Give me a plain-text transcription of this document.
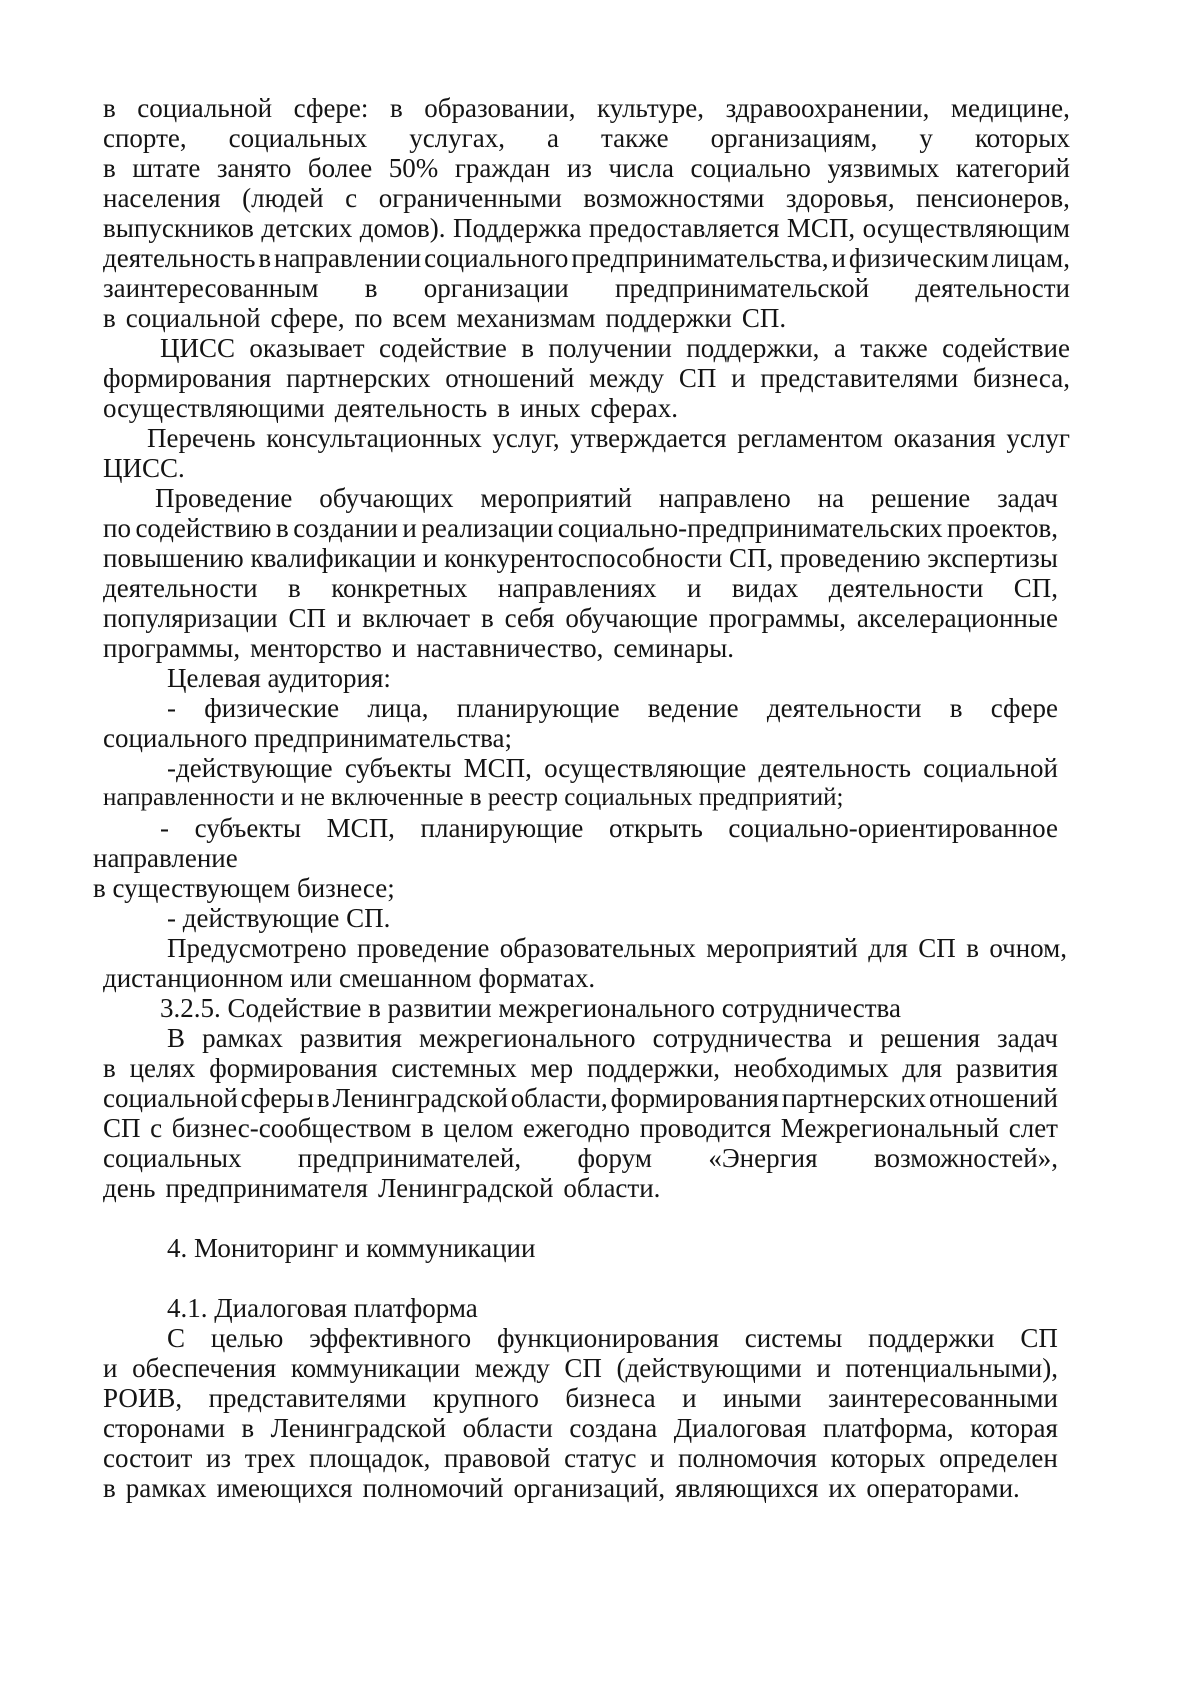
в социальной сфере: в образовании, культуре, здравоохранении, медицине,
спорте, социальных услугах, а также организациям, у которых
в штате занято более 50% граждан из числа социально уязвимых категорий
населения (людей с ограниченными возможностями здоровья, пенсионеров,
выпускников детских домов). Поддержка предоставляется МСП, осуществляющим
деятельность в направлении социального предпринимательства, и физическим лицам,
заинтересованным в организации предпринимательской деятельности
в социальной сфере, по всем механизмам поддержки СП.
ЦИСС оказывает содействие в получении поддержки, а также содействие
формирования партнерских отношений между СП и представителями бизнеса,
осуществляющими деятельность в иных сферах.
Перечень консультационных услуг, утверждается регламентом оказания услуг
ЦИСС.
Проведение обучающих мероприятий направлено на решение задач
по содействию в создании и реализации социально-предпринимательских проектов,
повышению квалификации и конкурентоспособности СП, проведению экспертизы
деятельности в конкретных направлениях и видах деятельности СП,
популяризации СП и включает в себя обучающие программы, акселерационные
программы, менторство и наставничество, семинары.
Целевая аудитория:
- физические лица, планирующие ведение деятельности в сфере
социального предпринимательства;
-действующие субъекты МСП, осуществляющие деятельность социальной
направленности и не включенные в реестр социальных предприятий;
- субъекты МСП, планирующие открыть социально-ориентированное
направление
в существующем бизнесе;
- действующие СП.
Предусмотрено проведение образовательных мероприятий для СП в очном,
дистанционном или смешанном форматах.
3.2.5. Содействие в развитии межрегионального сотрудничества
В рамках развития межрегионального сотрудничества и решения задач
в целях формирования системных мер поддержки, необходимых для развития
социальной сферы в Ленинградской области, формирования партнерских отношений
СП с бизнес-сообществом в целом ежегодно проводится Межрегиональный слет
социальных предпринимателей, форум «Энергия возможностей»,
день предпринимателя Ленинградской области.
4. Мониторинг и коммуникации
4.1. Диалоговая платформа
С целью эффективного функционирования системы поддержки СП
и обеспечения коммуникации между СП (действующими и потенциальными),
РОИВ, представителями крупного бизнеса и иными заинтересованными
сторонами в Ленинградской области создана Диалоговая платформа, которая
состоит из трех площадок, правовой статус и полномочия которых определен
в рамках имеющихся полномочий организаций, являющихся их операторами.
